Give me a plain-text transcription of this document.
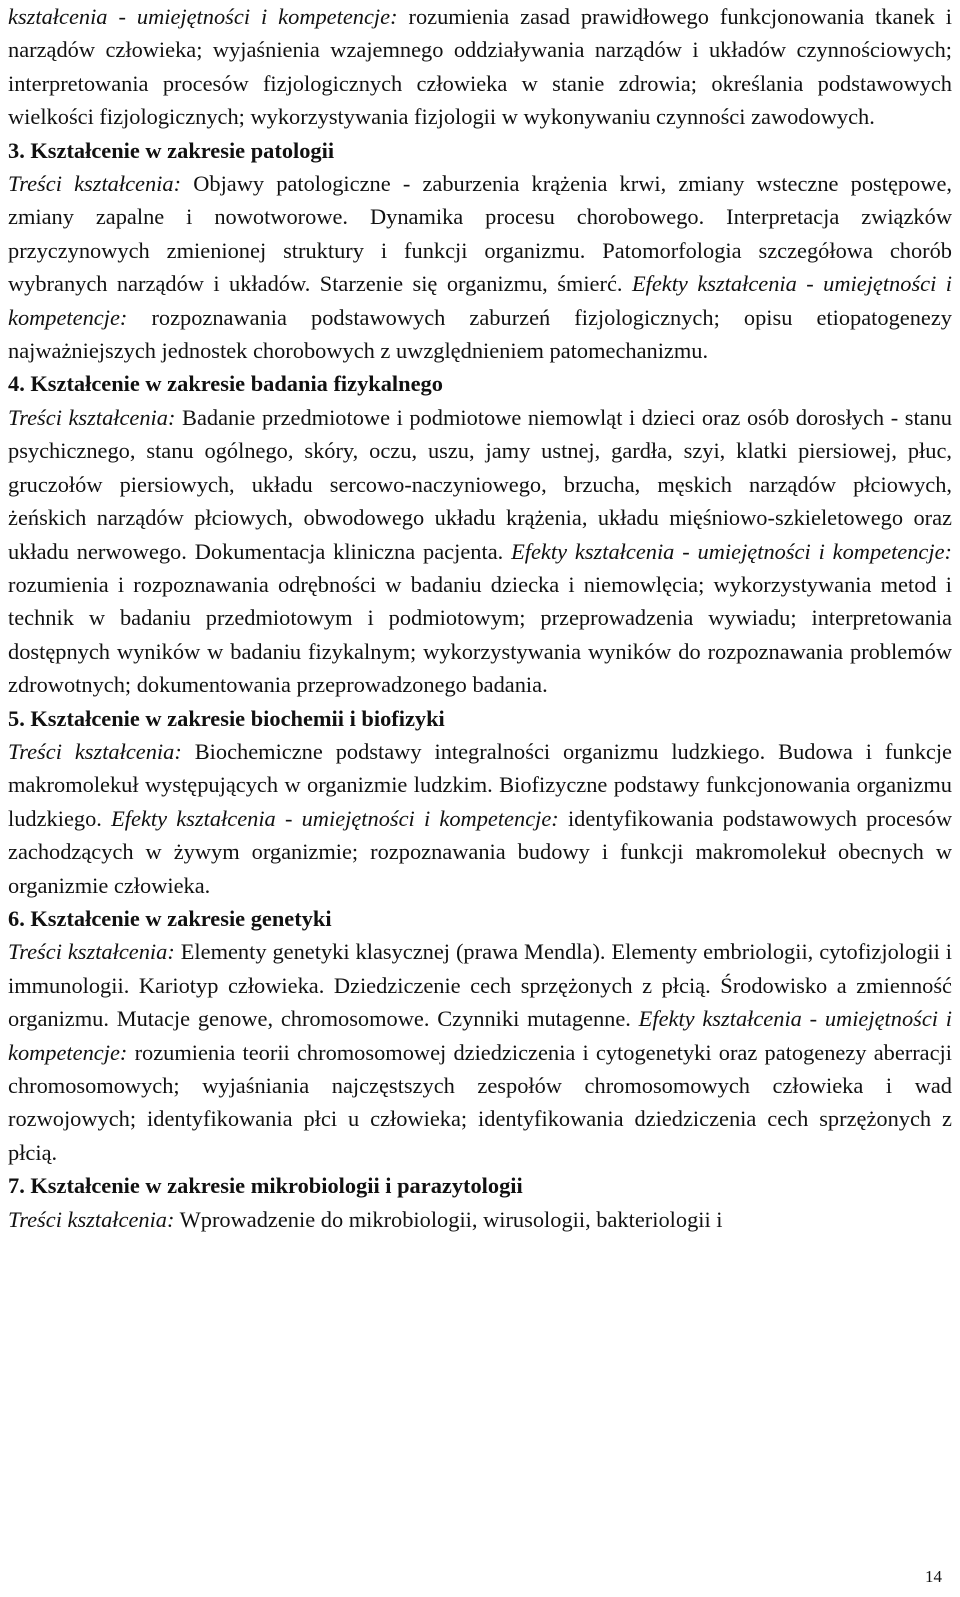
kształcenia - umiejętności i kompetencje: rozumienia zasad prawidłowego funkcjonowania tkanek i narządów człowieka; wyjaśnienia wzajemnego oddziaływania narządów i układów czynnościowych; interpretowania procesów fizjologicznych człowieka w stanie zdrowia; określania podstawowych wielkości fizjologicznych; wykorzystywania fizjologii w wykonywaniu czynności zawodowych.

3. Kształcenie w zakresie patologii

Treści kształcenia: Objawy patologiczne - zaburzenia krążenia krwi, zmiany wsteczne postępowe, zmiany zapalne i nowotworowe. Dynamika procesu chorobowego. Interpretacja związków przyczynowych zmienionej struktury i funkcji organizmu. Patomorfologia szczegółowa chorób wybranych narządów i układów. Starzenie się organizmu, śmierć. Efekty kształcenia - umiejętności i kompetencje: rozpoznawania podstawowych zaburzeń fizjologicznych; opisu etiopatogenezy najważniejszych jednostek chorobowych z uwzględnieniem patomechanizmu.

4. Kształcenie w zakresie badania fizykalnego

Treści kształcenia: Badanie przedmiotowe i podmiotowe niemowląt i dzieci oraz osób dorosłych - stanu psychicznego, stanu ogólnego, skóry, oczu, uszu, jamy ustnej, gardła, szyi, klatki piersiowej, płuc, gruczołów piersiowych, układu sercowo-naczyniowego, brzucha, męskich narządów płciowych, żeńskich narządów płciowych, obwodowego układu krążenia, układu mięśniowo-szkieletowego oraz układu nerwowego. Dokumentacja kliniczna pacjenta. Efekty kształcenia - umiejętności i kompetencje: rozumienia i rozpoznawania odrębności w badaniu dziecka i niemowlęcia; wykorzystywania metod i technik w badaniu przedmiotowym i podmiotowym; przeprowadzenia wywiadu; interpretowania dostępnych wyników w badaniu fizykalnym; wykorzystywania wyników do rozpoznawania problemów zdrowotnych; dokumentowania przeprowadzonego badania.

5. Kształcenie w zakresie biochemii i biofizyki

Treści kształcenia: Biochemiczne podstawy integralności organizmu ludzkiego. Budowa i funkcje makromolekuł występujących w organizmie ludzkim. Biofizyczne podstawy funkcjonowania organizmu ludzkiego. Efekty kształcenia - umiejętności i kompetencje: identyfikowania podstawowych procesów zachodzących w żywym organizmie; rozpoznawania budowy i funkcji makromolekuł obecnych w organizmie człowieka.

6. Kształcenie w zakresie genetyki

Treści kształcenia: Elementy genetyki klasycznej (prawa Mendla). Elementy embriologii, cytofizjologii i immunologii. Kariotyp człowieka. Dziedziczenie cech sprzężonych z płcią. Środowisko a zmienność organizmu. Mutacje genowe, chromosomowe. Czynniki mutagenne. Efekty kształcenia - umiejętności i kompetencje: rozumienia teorii chromosomowej dziedziczenia i cytogenetyki oraz patogenezy aberracji chromosomowych; wyjaśniania najczęstszych zespołów chromosomowych człowieka i wad rozwojowych; identyfikowania płci u człowieka; identyfikowania dziedziczenia cech sprzężonych z płcią.

7. Kształcenie w zakresie mikrobiologii i parazytologii

Treści kształcenia: Wprowadzenie do mikrobiologii, wirusologii, bakteriologii i

14
